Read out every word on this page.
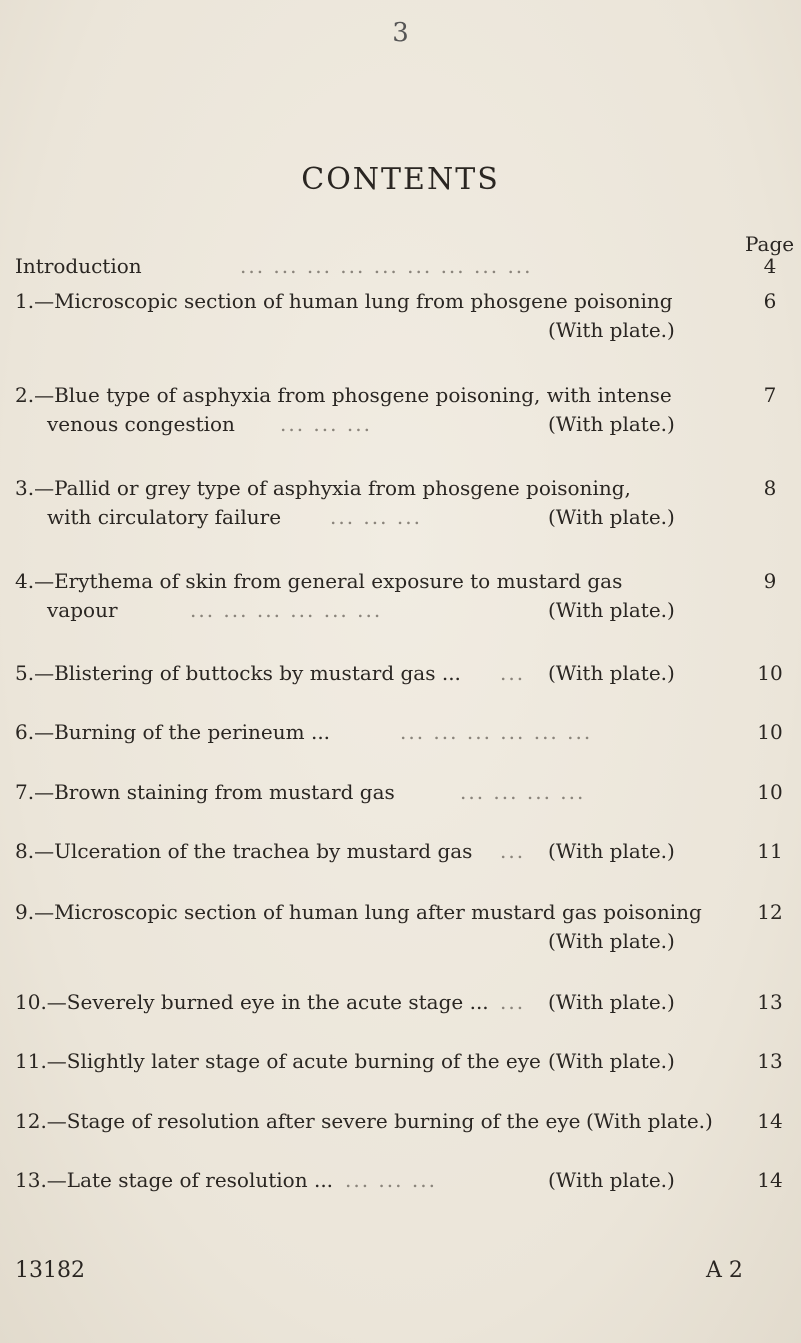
3
CONTENTS
Page
Introduction	... ... ... ... ... ... ... ... ...	4
1.—Microscopic section of human lung from phosgene poisoning	6
(With plate.)
2.—Blue type of asphyxia from phosgene poisoning, with intense	7
venous congestion ... ... ...	(With plate.)
3.—Pallid or grey type of asphyxia from phosgene poisoning,	8
with circulatory failure ... ... ...	(With plate.)
4.—Erythema of skin from general exposure to mustard gas	9
vapour	... ... ... ... ... ...	(With plate.)
5.—Blistering of buttocks by mustard gas ... ... (With plate.)	10
6.—Burning of the perineum ...	... ... ... ... ... ...	10
7.—Brown staining from mustard gas	... ... ... ...	10
8.—Ulceration of the trachea by mustard gas ... (With plate.)	11
9.—Microscopic section of human lung after mustard gas poisoning	12
(With plate.)
10.—Severely burned eye in the acute stage ... ... (With plate.)	13
11.—Slightly later stage of acute burning of the eye (With plate.)	13
12.—Stage of resolution after severe burning of the eye (With plate.) 14
13.—Late stage of resolution ... ... ... ...	(With plate.)	14
13182	A 2
